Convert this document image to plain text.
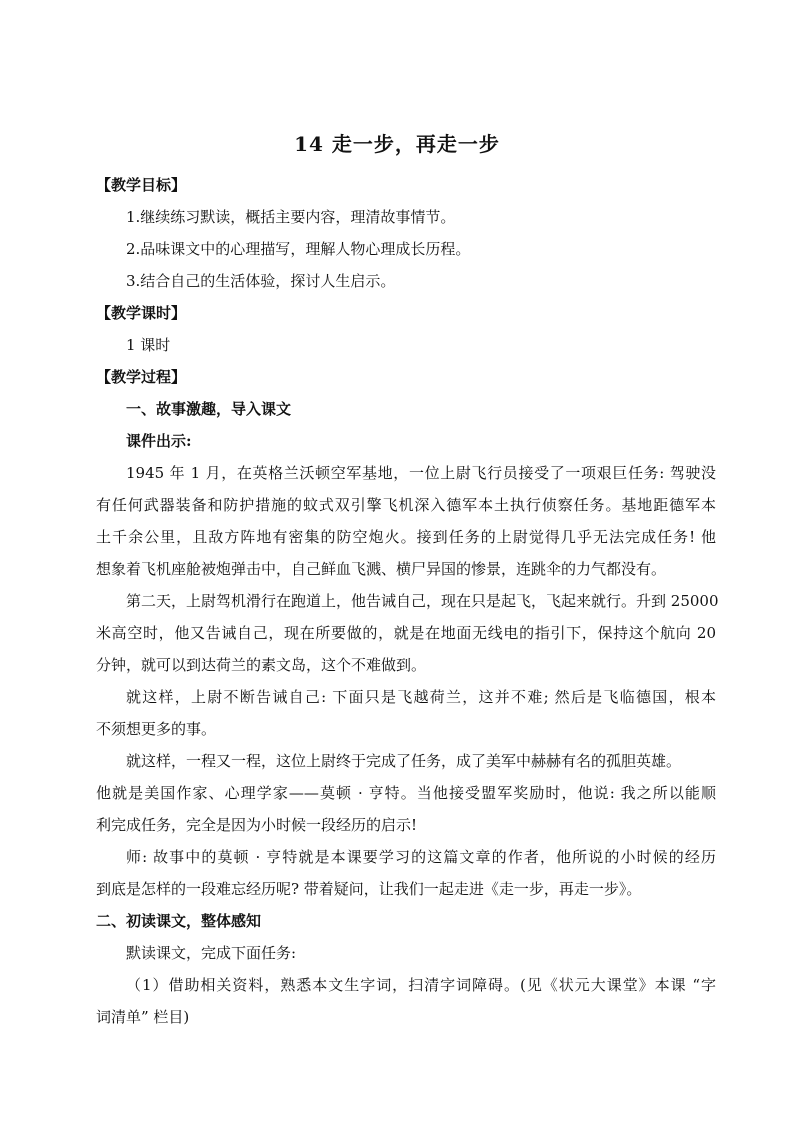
14 走一步，再走一步
【教学目标】
1.继续练习默读，概括主要内容，理清故事情节。
2.品味课文中的心理描写，理解人物心理成长历程。
3.结合自己的生活体验，探讨人生启示。
【教学课时】
1 课时
【教学过程】
一、故事激趣，导入课文
课件出示:
1945 年 1 月，在英格兰沃顿空军基地，一位上尉飞行员接受了一项艰巨任务: 驾驶没
有任何武器装备和防护措施的蚊式双引擎飞机深入德军本土执行侦察任务。基地距德军本
土千余公里，且敌方阵地有密集的防空炮火。接到任务的上尉觉得几乎无法完成任务! 他
想象着飞机座舱被炮弹击中，自己鲜血飞溅、横尸异国的惨景，连跳伞的力气都没有。
第二天，上尉驾机滑行在跑道上，他告诫自己，现在只是起飞，飞起来就行。升到 25000
米高空时，他又告诫自己，现在所要做的，就是在地面无线电的指引下，保持这个航向 20
分钟，就可以到达荷兰的素文岛，这个不难做到。
就这样，上尉不断告诫自己: 下面只是飞越荷兰，这并不难; 然后是飞临德国，根本
不须想更多的事。
就这样，一程又一程，这位上尉终于完成了任务，成了美军中赫赫有名的孤胆英雄。
他就是美国作家、心理学家——莫顿 · 亨特。当他接受盟军奖励时，他说: 我之所以能顺
利完成任务，完全是因为小时候一段经历的启示!
师: 故事中的莫顿 · 亨特就是本课要学习的这篇文章的作者，他所说的小时候的经历
到底是怎样的一段难忘经历呢? 带着疑问，让我们一起走进《走一步，再走一步》。
二、初读课文，整体感知
默读课文，完成下面任务:
（1）借助相关资料，熟悉本文生字词，扫清字词障碍。(见《状元大课堂》本课 “字
词清单” 栏目)
